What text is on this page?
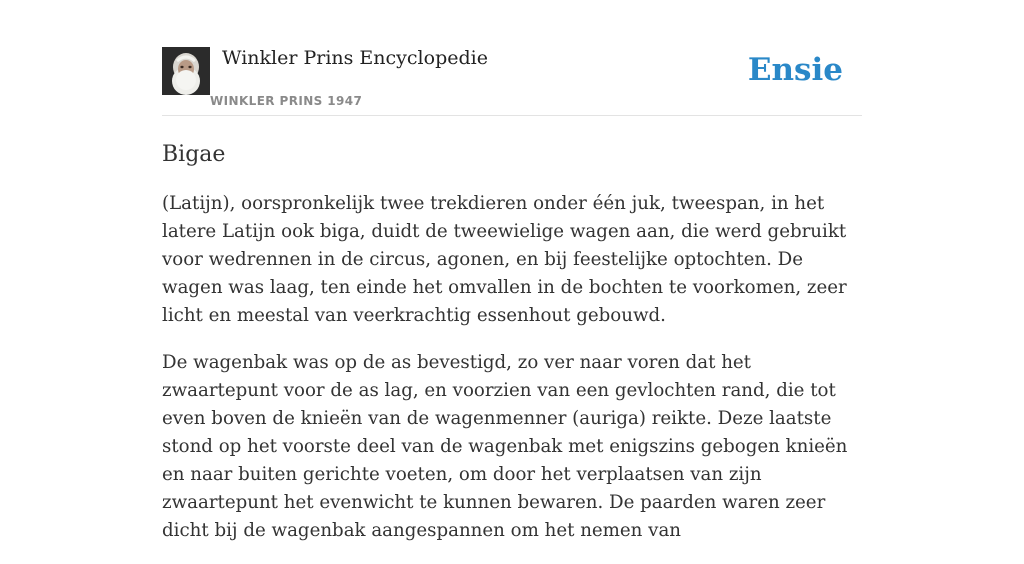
Winkler Prins Encyclopedie
WINKLER PRINS 1947
Ensie
Bigae

(Latijn), oorspronkelijk twee trekdieren onder één juk, tweespan, in het latere Latijn ook biga, duidt de tweewielige wagen aan, die werd gebruikt voor wedrennen in de circus, agonen, en bij feestelijke optochten. De wagen was laag, ten einde het omvallen in de bochten te voorkomen, zeer licht en meestal van veerkrachtig essenhout gebouwd.

De wagenbak was op de as bevestigd, zo ver naar voren dat het zwaartepunt voor de as lag, en voorzien van een gevlochten rand, die tot even boven de knieën van de wagenmenner (auriga) reikte. Deze laatste stond op het voorste deel van de wagenbak met enigszins gebogen knieën en naar buiten gerichte voeten, om door het verplaatsen van zijn zwaartepunt het evenwicht te kunnen bewaren. De paarden waren zeer dicht bij de wagenbak aangespannen om het nemen van
